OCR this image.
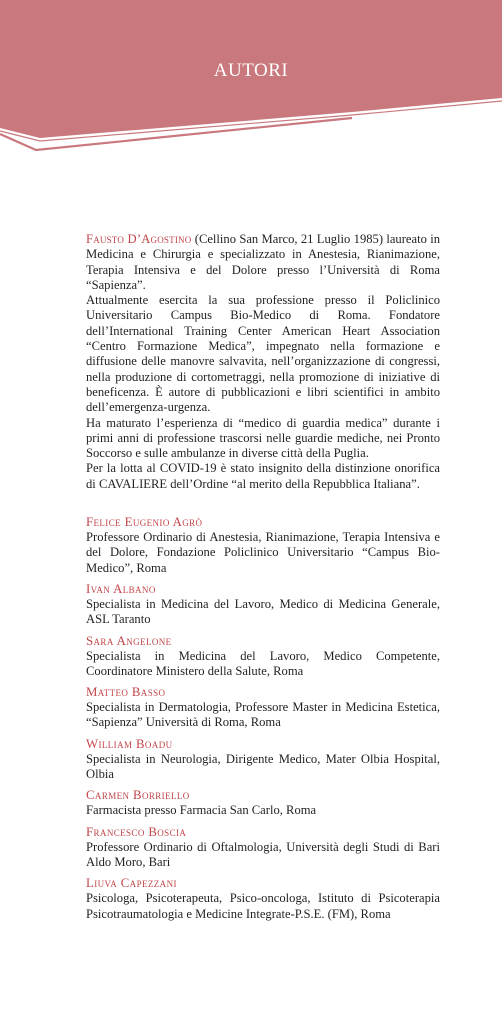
AUTORI

Fausto D’Agostino (Cellino San Marco, 21 Luglio 1985) laureato in Medicina e Chirurgia e specializzato in Anestesia, Rianimazione, Terapia Intensiva e del Dolore presso l’Università di Roma “Sapienza”.

Attualmente esercita la sua professione presso il Policlinico Universitario Campus Bio-Medico di Roma. Fondatore dell’International Training Center American Heart Association “Centro Formazione Medica”, impegnato nella formazione e diffusione delle manovre salvavita, nell’organizzazione di congressi, nella produzione di cortometraggi, nella promozione di iniziative di beneficenza. È autore di pubblicazioni e libri scientifici in ambito dell’emergenza-urgenza.

Ha maturato l’esperienza di “medico di guardia medica” durante i primi anni di professione trascorsi nelle guardie mediche, nei Pronto Soccorso e sulle ambulanze in diverse città della Puglia.

Per la lotta al COVID-19 è stato insignito della distinzione onorifica di CAVALIERE dell’Ordine “al merito della Repubblica Italiana”.

Felice Eugenio Agrò

Professore Ordinario di Anestesia, Rianimazione, Terapia Intensiva e del Dolore, Fondazione Policlinico Universitario “Campus Bio-Medico”, Roma

Ivan Albano

Specialista in Medicina del Lavoro, Medico di Medicina Generale, ASL Taranto

Sara Angelone

Specialista in Medicina del Lavoro, Medico Competente, Coordinatore Ministero della Salute, Roma

Matteo Basso

Specialista in Dermatologia, Professore Master in Medicina Estetica, “Sapienza” Università di Roma, Roma

William Boadu

Specialista in Neurologia, Dirigente Medico, Mater Olbia Hospital, Olbia

Carmen Borriello

Farmacista presso Farmacia San Carlo, Roma

Francesco Boscia

Professore Ordinario di Oftalmologia, Università degli Studi di Bari Aldo Moro, Bari

Liuva Capezzani

Psicologa, Psicoterapeuta, Psico-oncologa, Istituto di Psicoterapia Psicotraumatologia e Medicine Integrate-P.S.E. (FM), Roma
